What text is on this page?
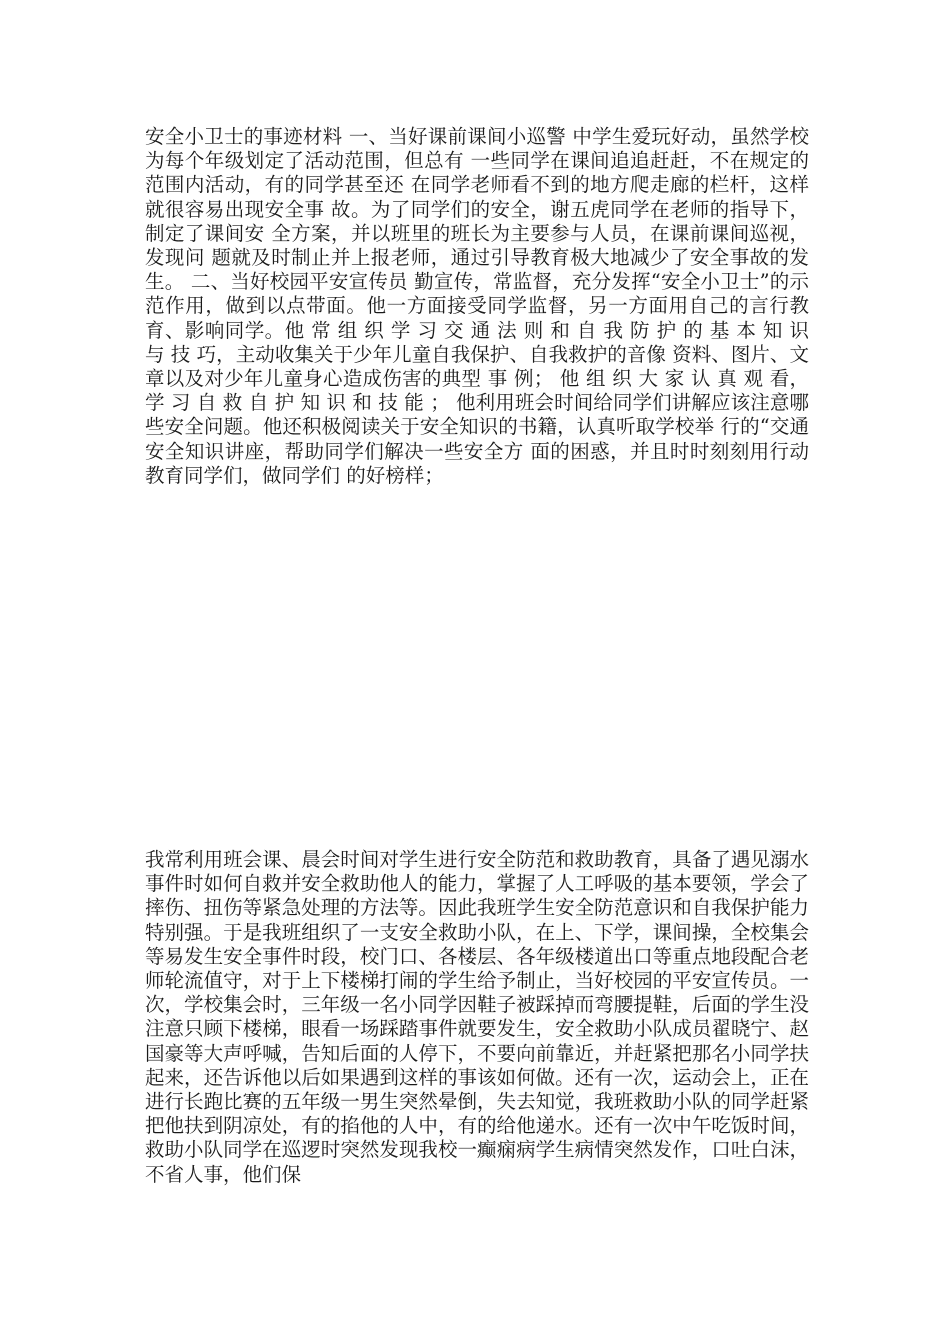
安全小卫士的事迹材料 一、当好课前课间小巡警 中学生爱玩好动，虽然学校为每个年级划定了活动范围，但总有 一些同学在课间追追赶赶，不在规定的范围内活动，有的同学甚至还 在同学老师看不到的地方爬走廊的栏杆，这样就很容易出现安全事 故。为了同学们的安全，谢五虎同学在老师的指导下，制定了课间安 全方案，并以班里的班长为主要参与人员，在课前课间巡视，发现问 题就及时制止并上报老师，通过引导教育极大地减少了安全事故的发 生。 二、当好校园平安宣传员 勤宣传，常监督，充分发挥“安全小卫士”的示范作用，做到以点带面。他一方面接受同学监督，另一方面用自己的言行教育、影响同学。他 常 组 织 学 习 交 通 法 则 和 自 我 防 护 的 基 本 知 识 与 技 巧，主动收集关于少年儿童自我保护、自我救护的音像 资料、图片、文章以及对少年儿童身心造成伤害的典型 事 例； 他 组 织 大 家 认 真 观 看， 学 习 自 救 自 护 知 识 和 技 能 ； 他利用班会时间给同学们讲解应该注意哪些安全问题。他还积极阅读关于安全知识的书籍，认真听取学校举 行的“交通安全知识讲座，帮助同学们解决一些安全方 面的困惑，并且时时刻刻用行动教育同学们，做同学们 的好榜样；

我常利用班会课、晨会时间对学生进行安全防范和救助教育，具备了遇见溺水事件时如何自救并安全救助他人的能力，掌握了人工呼吸的基本要领，学会了摔伤、扭伤等紧急处理的方法等。因此我班学生安全防范意识和自我保护能力特别强。于是我班组织了一支安全救助小队，在上、下学，课间操，全校集会等易发生安全事件时段，校门口、各楼层、各年级楼道出口等重点地段配合老师轮流值守，对于上下楼梯打闹的学生给予制止，当好校园的平安宣传员。一次，学校集会时，三年级一名小同学因鞋子被踩掉而弯腰提鞋，后面的学生没注意只顾下楼梯，眼看一场踩踏事件就要发生，安全救助小队成员翟晓宁、赵国豪等大声呼喊，告知后面的人停下，不要向前靠近，并赶紧把那名小同学扶起来，还告诉他以后如果遇到这样的事该如何做。还有一次，运动会上，正在进行长跑比赛的五年级一男生突然晕倒，失去知觉，我班救助小队的同学赶紧把他扶到阴凉处，有的掐他的人中，有的给他递水。还有一次中午吃饭时间，救助小队同学在巡逻时突然发现我校一癫痫病学生病情突然发作，口吐白沫，不省人事，他们保
